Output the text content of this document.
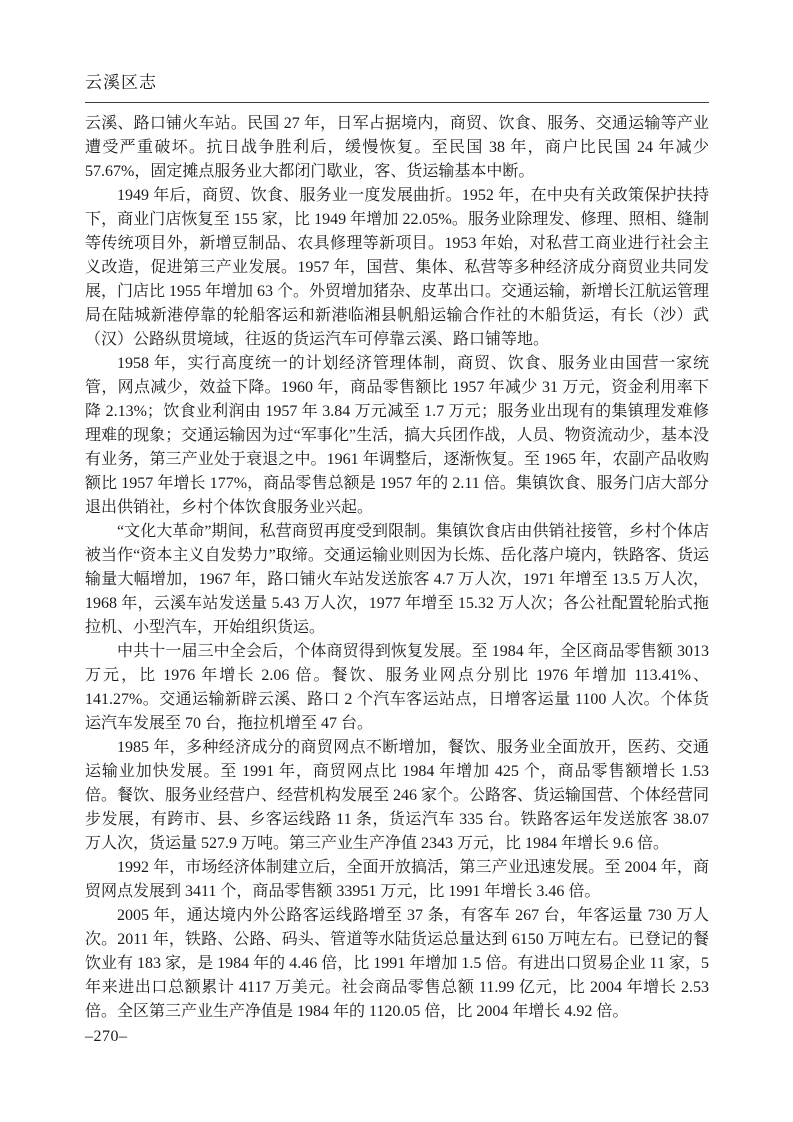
云溪区志

云溪、路口铺火车站。民国 27 年，日军占据境内，商贸、饮食、服务、交通运输等产业遭受严重破坏。抗日战争胜利后，缓慢恢复。至民国 38 年，商户比民国 24 年减少 57.67%，固定摊点服务业大都闭门歇业，客、货运输基本中断。

1949 年后，商贸、饮食、服务业一度发展曲折。1952 年，在中央有关政策保护扶持下，商业门店恢复至 155 家，比 1949 年增加 22.05%。服务业除理发、修理、照相、缝制等传统项目外，新增豆制品、农具修理等新项目。1953 年始，对私营工商业进行社会主义改造，促进第三产业发展。1957 年，国营、集体、私营等多种经济成分商贸业共同发展，门店比 1955 年增加 63 个。外贸增加猪杂、皮革出口。交通运输，新增长江航运管理局在陆城新港停靠的轮船客运和新港临湘县帆船运输合作社的木船货运，有长（沙）武（汉）公路纵贯境域，往返的货运汽车可停靠云溪、路口铺等地。

1958 年，实行高度统一的计划经济管理体制，商贸、饮食、服务业由国营一家统管，网点减少，效益下降。1960 年，商品零售额比 1957 年减少 31 万元，资金利用率下降 2.13%；饮食业利润由 1957 年 3.84 万元减至 1.7 万元；服务业出现有的集镇理发难修理难的现象；交通运输因为过“军事化”生活，搞大兵团作战，人员、物资流动少，基本没有业务，第三产业处于衰退之中。1961 年调整后，逐渐恢复。至 1965 年，农副产品收购额比 1957 年增长 177%，商品零售总额是 1957 年的 2.11 倍。集镇饮食、服务门店大部分退出供销社，乡村个体饮食服务业兴起。

“文化大革命”期间，私营商贸再度受到限制。集镇饮食店由供销社接管，乡村个体店被当作“资本主义自发势力”取缔。交通运输业则因为长炼、岳化落户境内，铁路客、货运输量大幅增加，1967 年，路口铺火车站发送旅客 4.7 万人次，1971 年增至 13.5 万人次，1968 年，云溪车站发送量 5.43 万人次，1977 年增至 15.32 万人次；各公社配置轮胎式拖拉机、小型汽车，开始组织货运。

中共十一届三中全会后，个体商贸得到恢复发展。至 1984 年，全区商品零售额 3013 万元，比 1976 年增长 2.06 倍。餐饮、服务业网点分别比 1976 年增加 113.41%、141.27%。交通运输新辟云溪、路口 2 个汽车客运站点，日增客运量 1100 人次。个体货运汽车发展至 70 台，拖拉机增至 47 台。

1985 年，多种经济成分的商贸网点不断增加，餐饮、服务业全面放开，医药、交通运输业加快发展。至 1991 年，商贸网点比 1984 年增加 425 个，商品零售额增长 1.53 倍。餐饮、服务业经营户、经营机构发展至 246 家个。公路客、货运输国营、个体经营同步发展，有跨市、县、乡客运线路 11 条，货运汽车 335 台。铁路客运年发送旅客 38.07 万人次，货运量 527.9 万吨。第三产业生产净值 2343 万元，比 1984 年增长 9.6 倍。

1992 年，市场经济体制建立后，全面开放搞活，第三产业迅速发展。至 2004 年，商贸网点发展到 3411 个，商品零售额 33951 万元，比 1991 年增长 3.46 倍。

2005 年，通达境内外公路客运线路增至 37 条，有客车 267 台，年客运量 730 万人次。2011 年，铁路、公路、码头、管道等水陆货运总量达到 6150 万吨左右。已登记的餐饮业有 183 家，是 1984 年的 4.46 倍，比 1991 年增加 1.5 倍。有进出口贸易企业 11 家，5 年来进出口总额累计 4117 万美元。社会商品零售总额 11.99 亿元，比 2004 年增长 2.53 倍。全区第三产业生产净值是 1984 年的 1120.05 倍，比 2004 年增长 4.92 倍。

–270–
